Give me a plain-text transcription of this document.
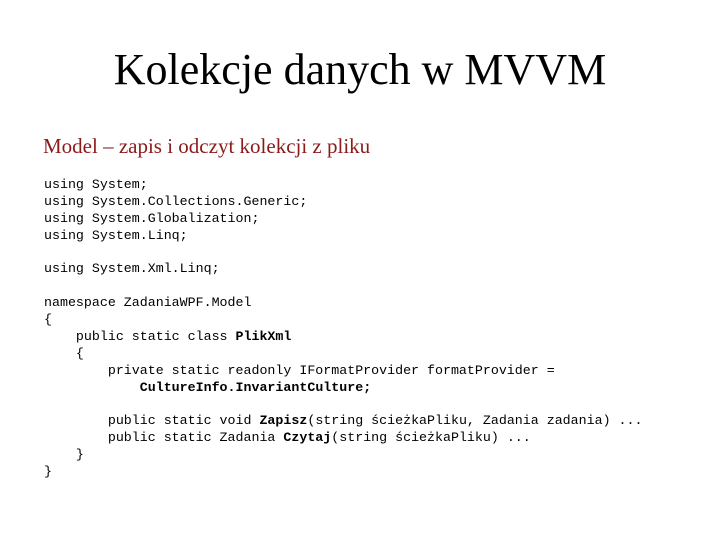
Kolekcje danych w MVVM
Model – zapis i odczyt kolekcji z pliku
using System;
using System.Collections.Generic;
using System.Globalization;
using System.Linq;
using System.Xml.Linq;
namespace ZadaniaWPF.Model
{
public static class PlikXml
{
private static readonly IFormatProvider formatProvider =
CultureInfo.InvariantCulture;
public static void Zapisz(string ścieżkaPliku, Zadania zadania) ...
public static Zadania Czytaj(string ścieżkaPliku) ...
}
}
